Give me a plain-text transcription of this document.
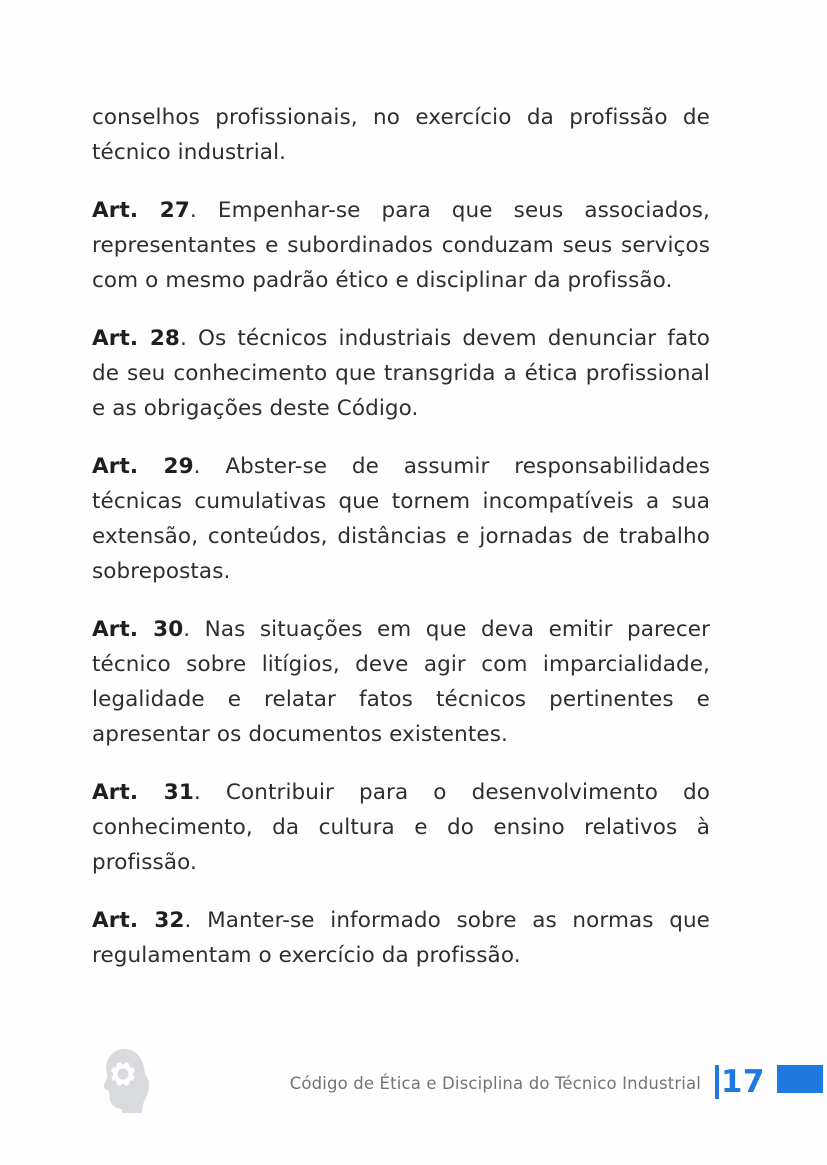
conselhos profissionais, no exercício da profissão de técnico industrial.

Art. 27. Empenhar-se para que seus associados, representantes e subordinados conduzam seus serviços com o mesmo padrão ético e disciplinar da profissão.

Art. 28. Os técnicos industriais devem denunciar fato de seu conhecimento que transgrida a ética profissional e as obrigações deste Código.

Art. 29. Abster-se de assumir responsabilidades técnicas cumulativas que tornem incompatíveis a sua extensão, conteúdos, distâncias e jornadas de trabalho sobrepostas.

Art. 30. Nas situações em que deva emitir parecer técnico sobre litígios, deve agir com imparcialidade, legalidade e relatar fatos técnicos pertinentes e apresentar os documentos existentes.

Art. 31. Contribuir para o desenvolvimento do conhecimento, da cultura e do ensino relativos à profissão.

Art. 32. Manter-se informado sobre as normas que regulamentam o exercício da profissão.

Código de Ética e Disciplina do Técnico Industrial 17
